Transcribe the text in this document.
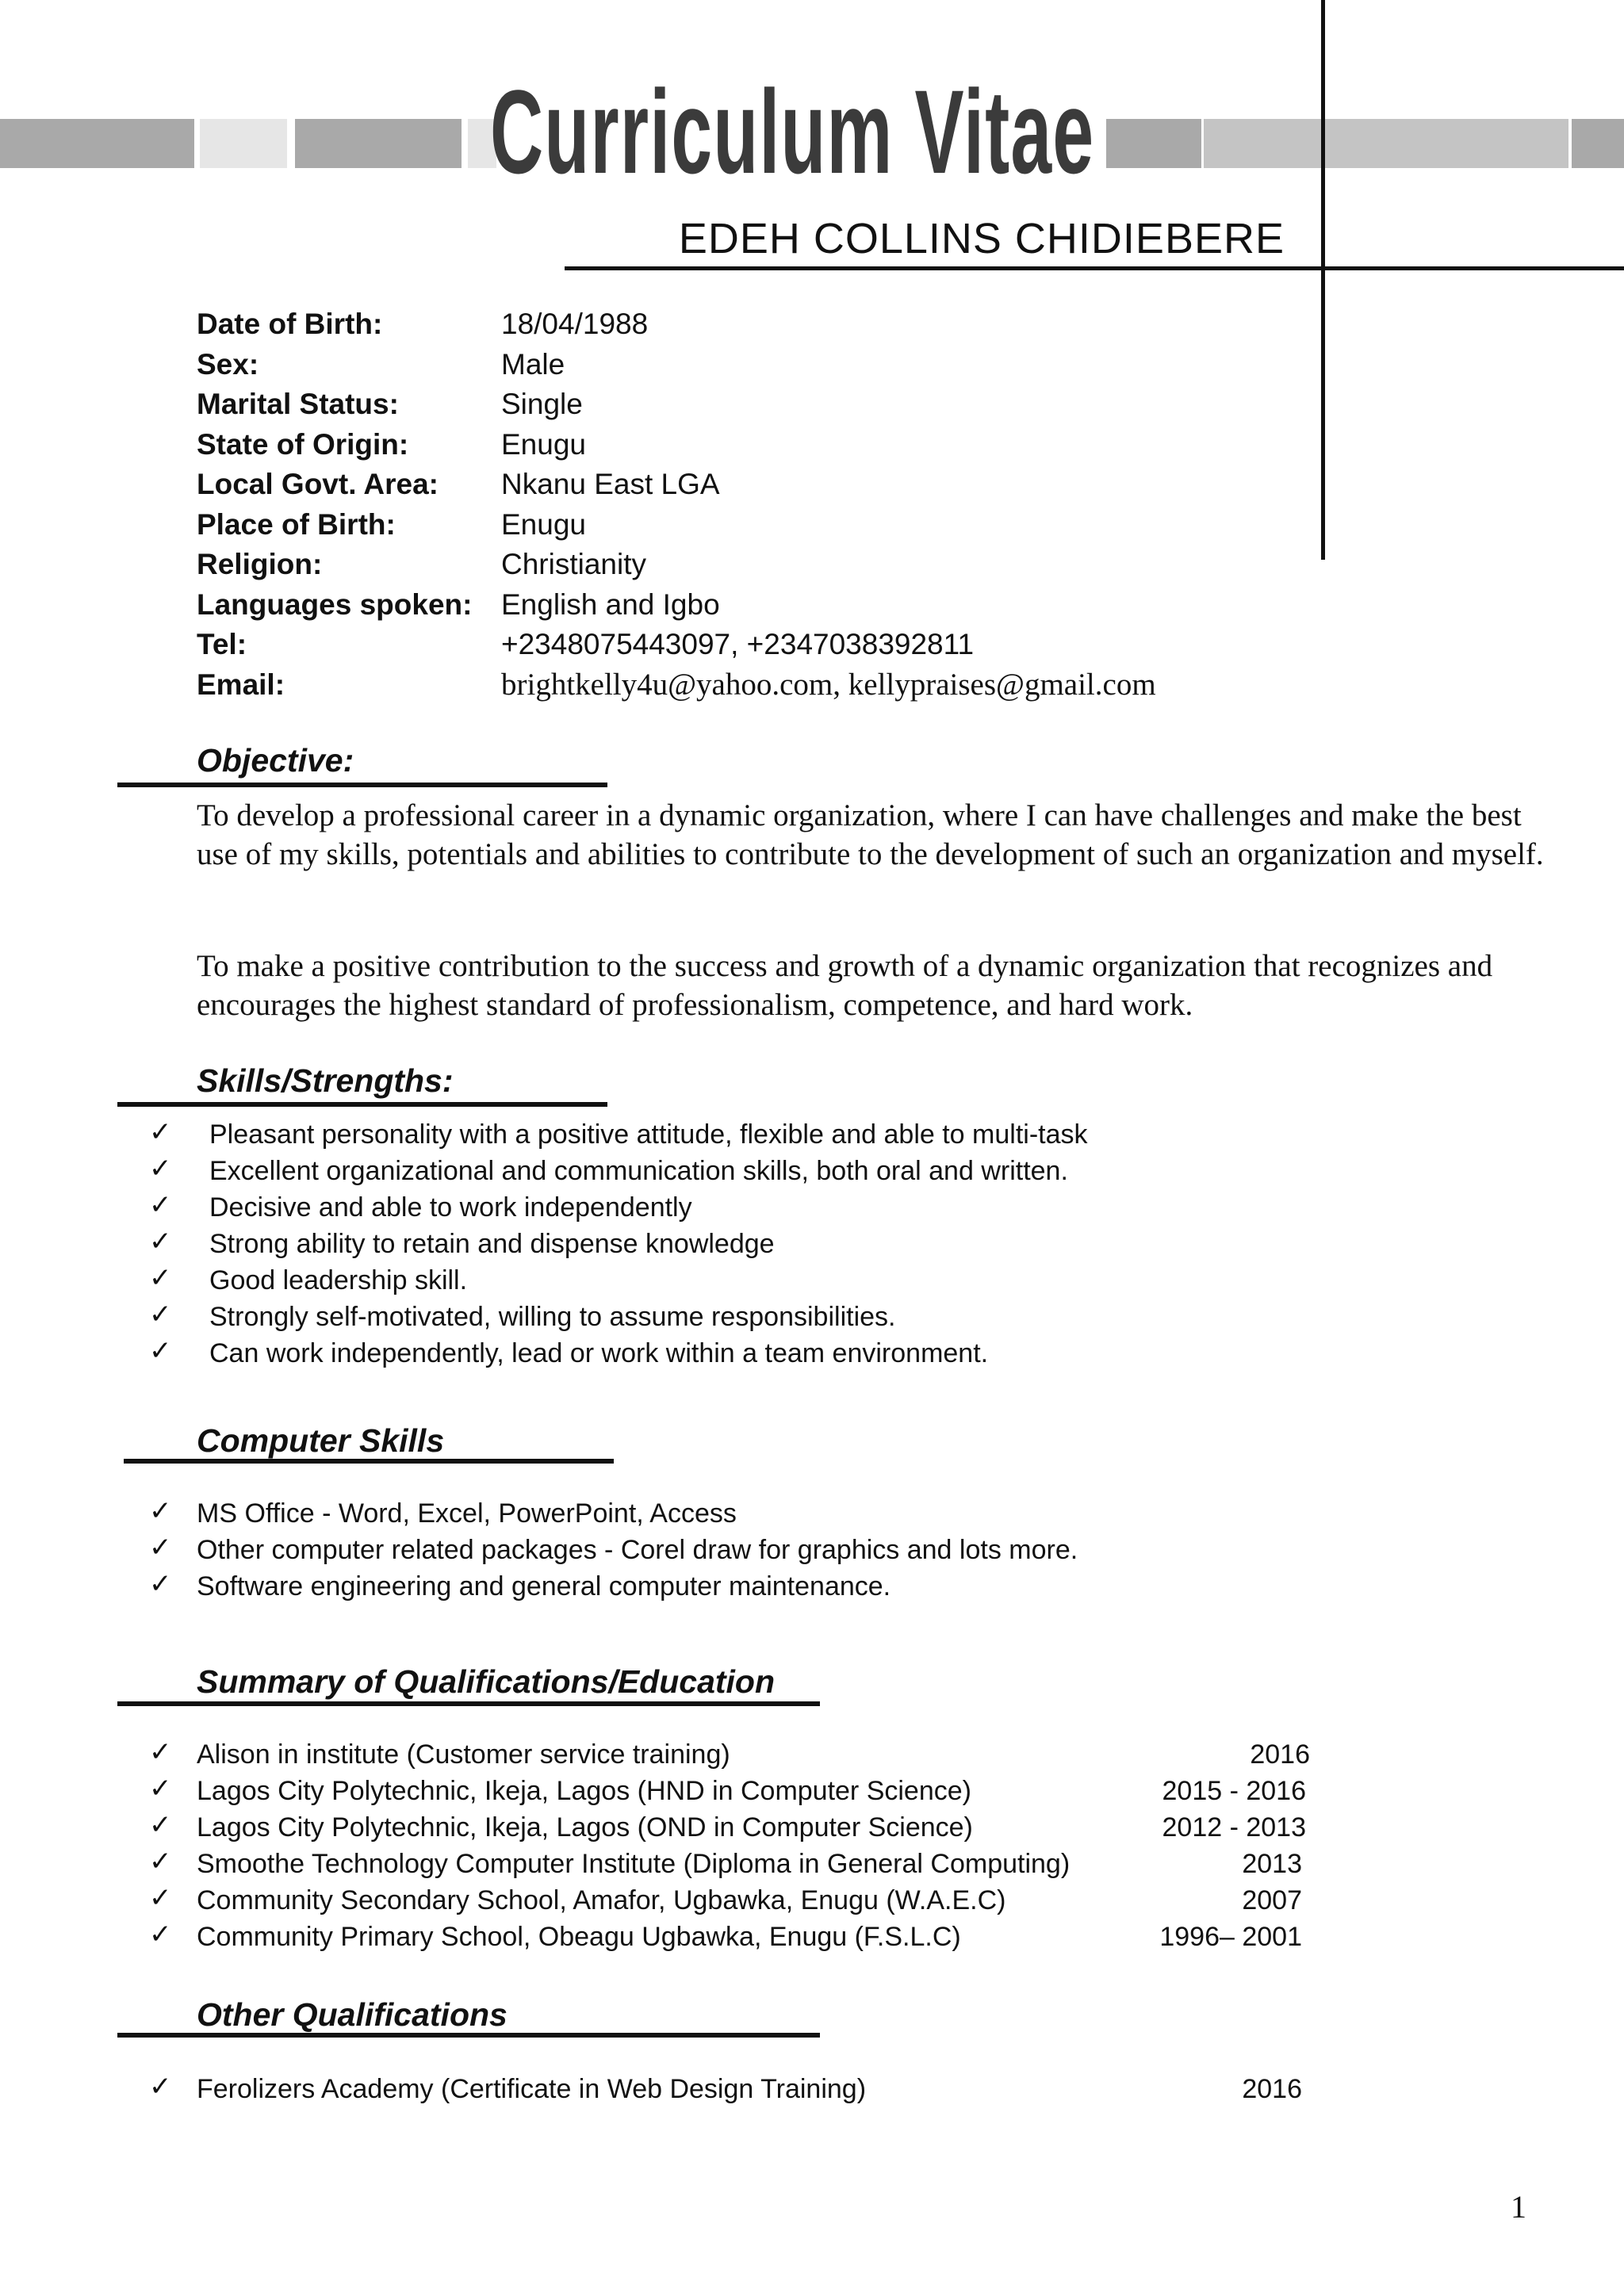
Curriculum Vitae
EDEH COLLINS CHIDIEBERE
Date of Birth:	18/04/1988
Sex:	Male
Marital Status:	Single
State of Origin:	Enugu
Local Govt. Area:	Nkanu East LGA
Place of Birth:	Enugu
Religion:	Christianity
Languages spoken: English and Igbo
Tel:	+2348075443097, +2347038392811
Email:	brightkelly4u@yahoo.com, kellypraises@gmail.com
Objective:
To develop a professional career in a dynamic organization, where I can have challenges and make the best use of my skills, potentials and abilities to contribute to the development of such an organization and myself.
To make a positive contribution to the success and growth of a dynamic organization that recognizes and encourages the highest standard of professionalism, competence, and hard work.
Skills/Strengths:
✓ Pleasant personality with a positive attitude, flexible and able to multi-task
✓ Excellent organizational and communication skills, both oral and written.
✓ Decisive and able to work independently
✓ Strong ability to retain and dispense knowledge
✓ Good leadership skill.
✓ Strongly self-motivated, willing to assume responsibilities.
✓ Can work independently, lead or work within a team environment.
Computer Skills
✓ MS Office - Word, Excel, PowerPoint, Access
✓ Other computer related packages - Corel draw for graphics and lots more.
✓ Software engineering and general computer maintenance.
Summary of Qualifications/Education
✓ Alison in institute (Customer service training)	2016
✓ Lagos City Polytechnic, Ikeja, Lagos (HND in Computer Science)	2015 - 2016
✓ Lagos City Polytechnic, Ikeja, Lagos (OND in Computer Science)	2012 - 2013
✓ Smoothe Technology Computer Institute (Diploma in General Computing)	2013
✓ Community Secondary School, Amafor, Ugbawka, Enugu (W.A.E.C)	2007
✓ Community Primary School, Obeagu Ugbawka, Enugu (F.S.L.C)	1996– 2001
Other Qualifications
✓ Ferolizers Academy (Certificate in Web Design Training)	2016
1
